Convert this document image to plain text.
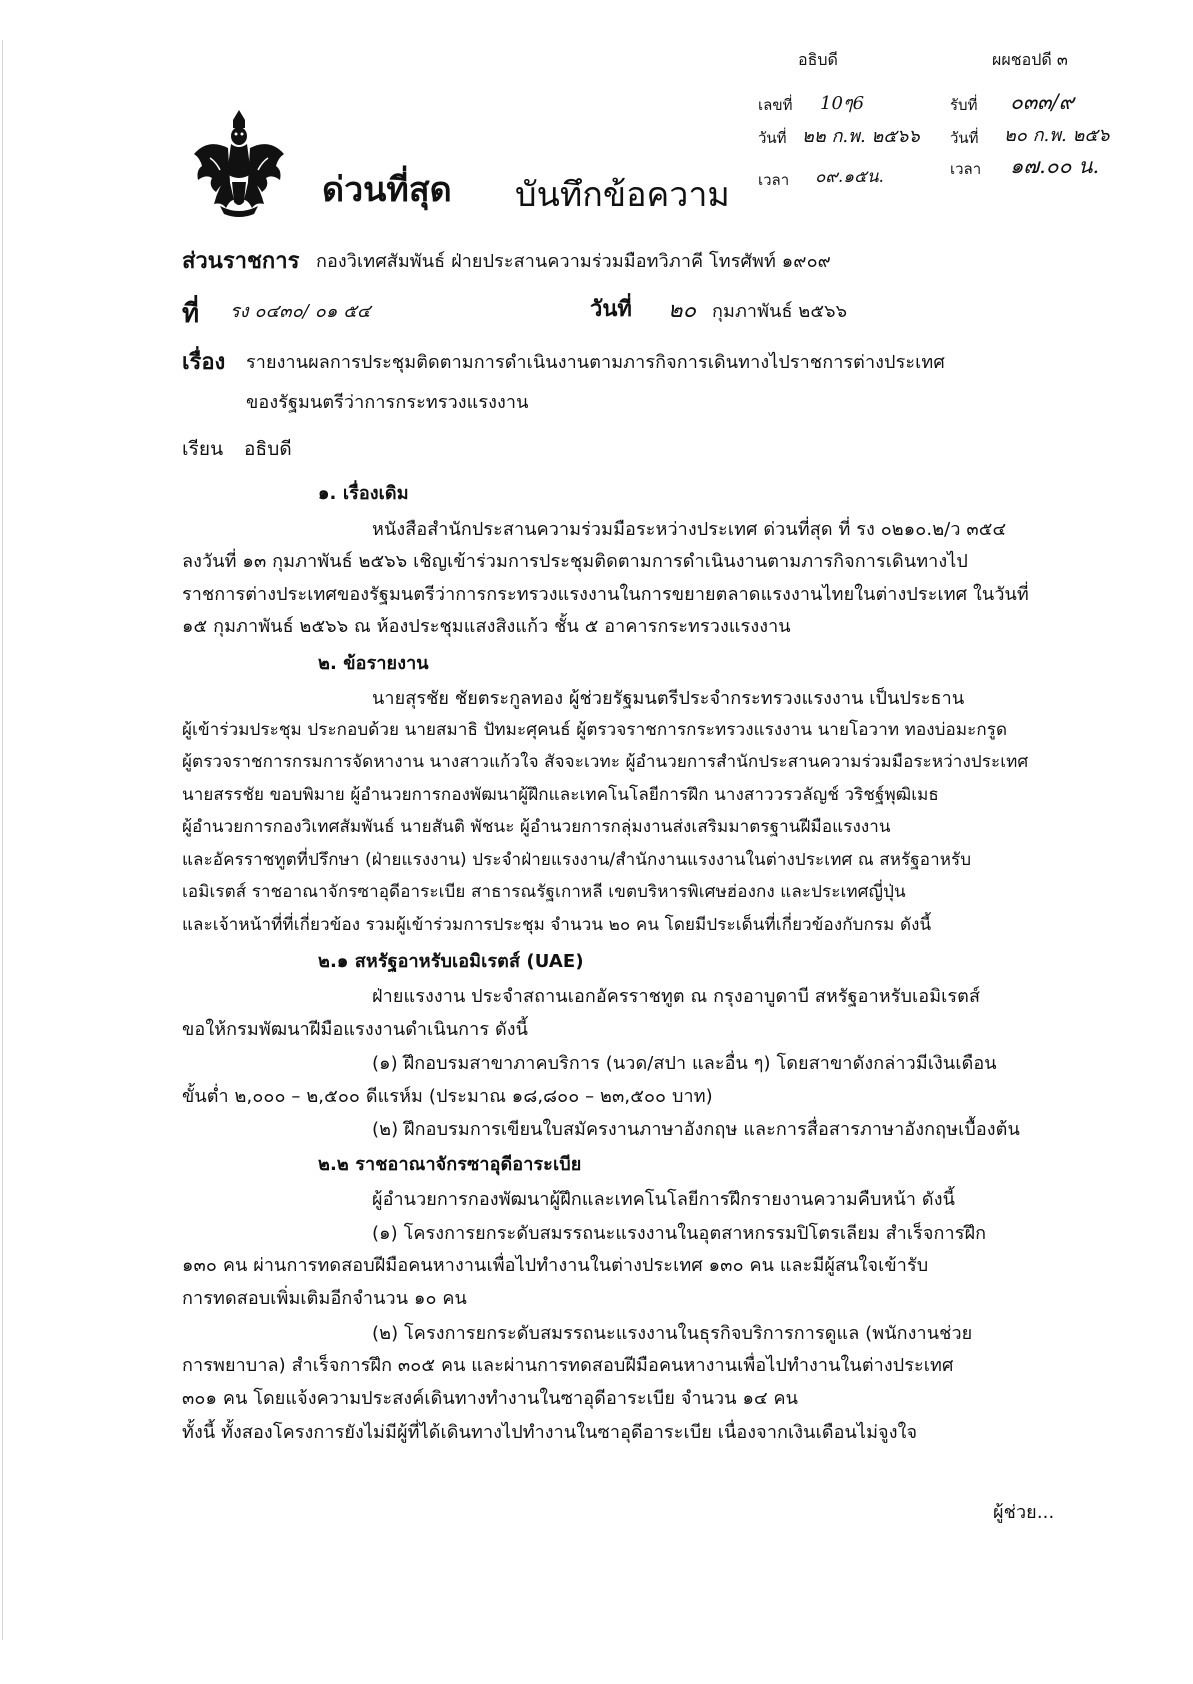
อธิบดี
เลขที่ 10ๆ6
วันที่ ๒๒ ก.พ. ๒๕๖๖
เวลา ๐๙.๑๕น.
ผผชอปดี ๓
รับที่ ๐๓๓/๙
วันที่ ๒๐ ก.พ. ๒๕๖
เวลา ๑๗.๐๐ น.
ด่วนที่สุด บันทึกข้อความ
ส่วนราชการ กองวิเทศสัมพันธ์ ฝ่ายประสานความร่วมมือทวิภาคี โทรศัพท์ ๑๙๐๙
ที่ รง ๐๔๓๐/ ๐๑ ๕๔	วันที่ ๒๐ กุมภาพันธ์ ๒๕๖๖
เรื่อง รายงานผลการประชุมติดตามการดำเนินงานตามภารกิจการเดินทางไปราชการต่างประเทศ
ของรัฐมนตรีว่าการกระทรวงแรงงาน
เรียน อธิบดี
๑. เรื่องเดิม
หนังสือสำนักประสานความร่วมมือระหว่างประเทศ ด่วนที่สุด ที่ รง ๐๒๑๐.๒/ว ๓๕๔
ลงวันที่ ๑๓ กุมภาพันธ์ ๒๕๖๖ เชิญเข้าร่วมการประชุมติดตามการดำเนินงานตามภารกิจการเดินทางไป
ราชการต่างประเทศของรัฐมนตรีว่าการกระทรวงแรงงานในการขยายตลาดแรงงานไทยในต่างประเทศ ในวันที่
๑๕ กุมภาพันธ์ ๒๕๖๖ ณ ห้องประชุมแสงสิงแก้ว ชั้น ๕ อาคารกระทรวงแรงงาน
๒. ข้อรายงาน
นายสุรชัย ชัยตระกูลทอง ผู้ช่วยรัฐมนตรีประจำกระทรวงแรงงาน เป็นประธาน
ผู้เข้าร่วมประชุม ประกอบด้วย นายสมาธิ ปัทมะศุคนธ์ ผู้ตรวจราชการกระทรวงแรงงาน นายโอวาท ทองบ่อมะกรูด
ผู้ตรวจราชการกรมการจัดหางาน นางสาวแก้วใจ สัจจะเวทะ ผู้อำนวยการสำนักประสานความร่วมมือระหว่างประเทศ
นายสรรชัย ขอบพิมาย ผู้อำนวยการกองพัฒนาผู้ฝึกและเทคโนโลยีการฝึก นางสาววรวลัญช์ วริชฐ์พุฒิเมธ
ผู้อำนวยการกองวิเทศสัมพันธ์ นายสันติ พัชนะ ผู้อำนวยการกลุ่มงานส่งเสริมมาตรฐานฝีมือแรงงาน
และอัครราชทูตที่ปรึกษา (ฝ่ายแรงงาน) ประจำฝ่ายแรงงาน/สำนักงานแรงงานในต่างประเทศ ณ สหรัฐอาหรับ
เอมิเรตส์ ราชอาณาจักรซาอุดีอาระเบีย สาธารณรัฐเกาหลี เขตบริหารพิเศษฮ่องกง และประเทศญี่ปุ่น
และเจ้าหน้าที่ที่เกี่ยวข้อง รวมผู้เข้าร่วมการประชุม จำนวน ๒๐ คน โดยมีประเด็นที่เกี่ยวข้องกับกรม ดังนี้
๒.๑ สหรัฐอาหรับเอมิเรตส์ (UAE)
ฝ่ายแรงงาน ประจำสถานเอกอัครราชทูต ณ กรุงอาบูดาบี สหรัฐอาหรับเอมิเรตส์
ขอให้กรมพัฒนาฝีมือแรงงานดำเนินการ ดังนี้
(๑) ฝึกอบรมสาขาภาคบริการ (นวด/สปา และอื่น ๆ) โดยสาขาดังกล่าวมีเงินเดือน
ขั้นต่ำ ๒,๐๐๐ – ๒,๕๐๐ ดีแรห์ม (ประมาณ ๑๘,๘๐๐ – ๒๓,๕๐๐ บาท)
(๒) ฝึกอบรมการเขียนใบสมัครงานภาษาอังกฤษ และการสื่อสารภาษาอังกฤษเบื้องต้น
๒.๒ ราชอาณาจักรซาอุดีอาระเบีย
ผู้อำนวยการกองพัฒนาผู้ฝึกและเทคโนโลยีการฝึกรายงานความคืบหน้า ดังนี้
(๑) โครงการยกระดับสมรรถนะแรงงานในอุตสาหกรรมปิโตรเลียม สำเร็จการฝึก
๑๓๐ คน ผ่านการทดสอบฝีมือคนหางานเพื่อไปทำงานในต่างประเทศ ๑๓๐ คน และมีผู้สนใจเข้ารับ
การทดสอบเพิ่มเติมอีกจำนวน ๑๐ คน
(๒) โครงการยกระดับสมรรถนะแรงงานในธุรกิจบริการการดูแล (พนักงานช่วย
การพยาบาล) สำเร็จการฝึก ๓๐๕ คน และผ่านการทดสอบฝีมือคนหางานเพื่อไปทำงานในต่างประเทศ
๓๐๑ คน โดยแจ้งความประสงค์เดินทางทำงานในซาอุดีอาระเบีย จำนวน ๑๔ คน
ทั้งนี้ ทั้งสองโครงการยังไม่มีผู้ที่ได้เดินทางไปทำงานในซาอุดีอาระเบีย เนื่องจากเงินเดือนไม่จูงใจ
ผู้ช่วย...
